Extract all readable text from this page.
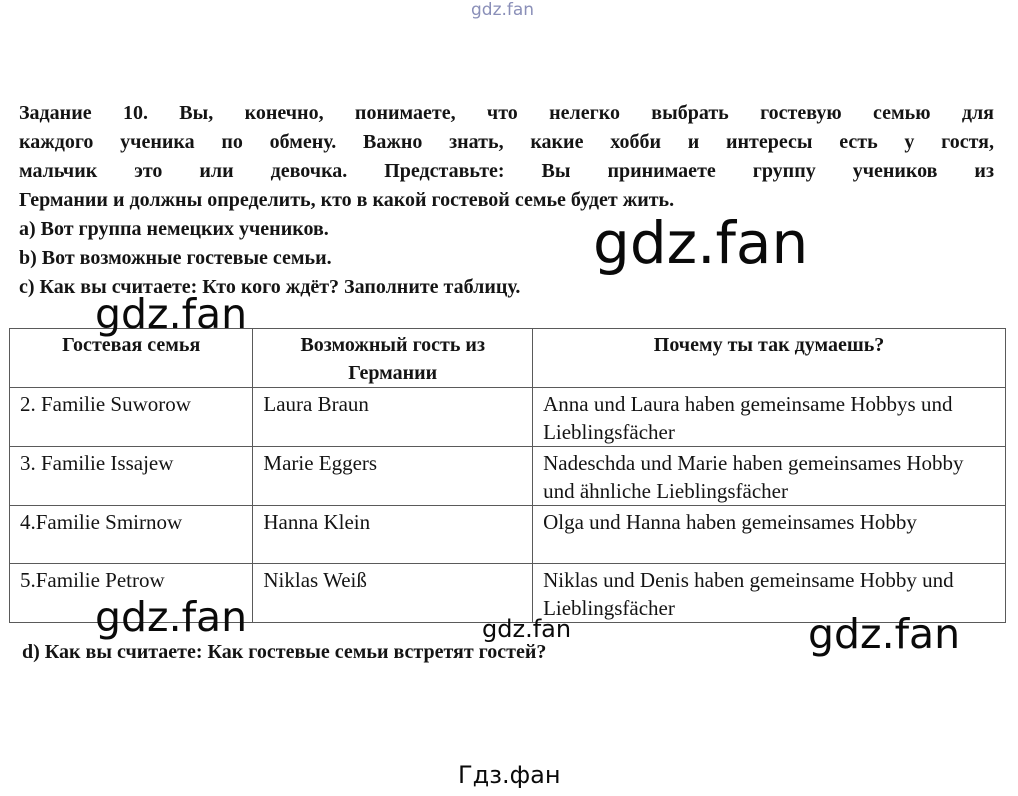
gdz.fan
Задание 10. Вы, конечно, понимаете, что нелегко выбрать гостевую семью для
каждого ученика по обмену. Важно знать, какие хобби и интересы есть у гостя,
мальчик это или девочка. Представьте: Вы принимаете группу учеников из
Германии и должны определить, кто в какой гостевой семье будет жить.
а) Вот группа немецких учеников.
b) Вот возможные гостевые семьи.
с) Как вы считаете: Кто кого ждёт? Заполните таблицу.
Гостевая семья	Возможный гость из Германии	Почему ты так думаешь?
2. Familie Suworow	Laura Braun	Anna und Laura haben gemeinsame Hobbys und Lieblingsfächer
3. Familie Issajew	Marie Eggers	Nadeschda und Marie haben gemeinsames Hobby und ähnliche Lieblingsfächer
4.Familie Smirnow	Hanna Klein	Olga und Hanna haben gemeinsames Hobby
5.Familie Petrow	Niklas Weiß	Niklas und Denis haben gemeinsame Hobby und Lieblingsfächer
d) Как вы считаете: Как гостевые семьи встретят гостей?
gdz.fan
gdz.fan
gdz.fan	gdz.fan	gdz.fan
Гдз.фан
